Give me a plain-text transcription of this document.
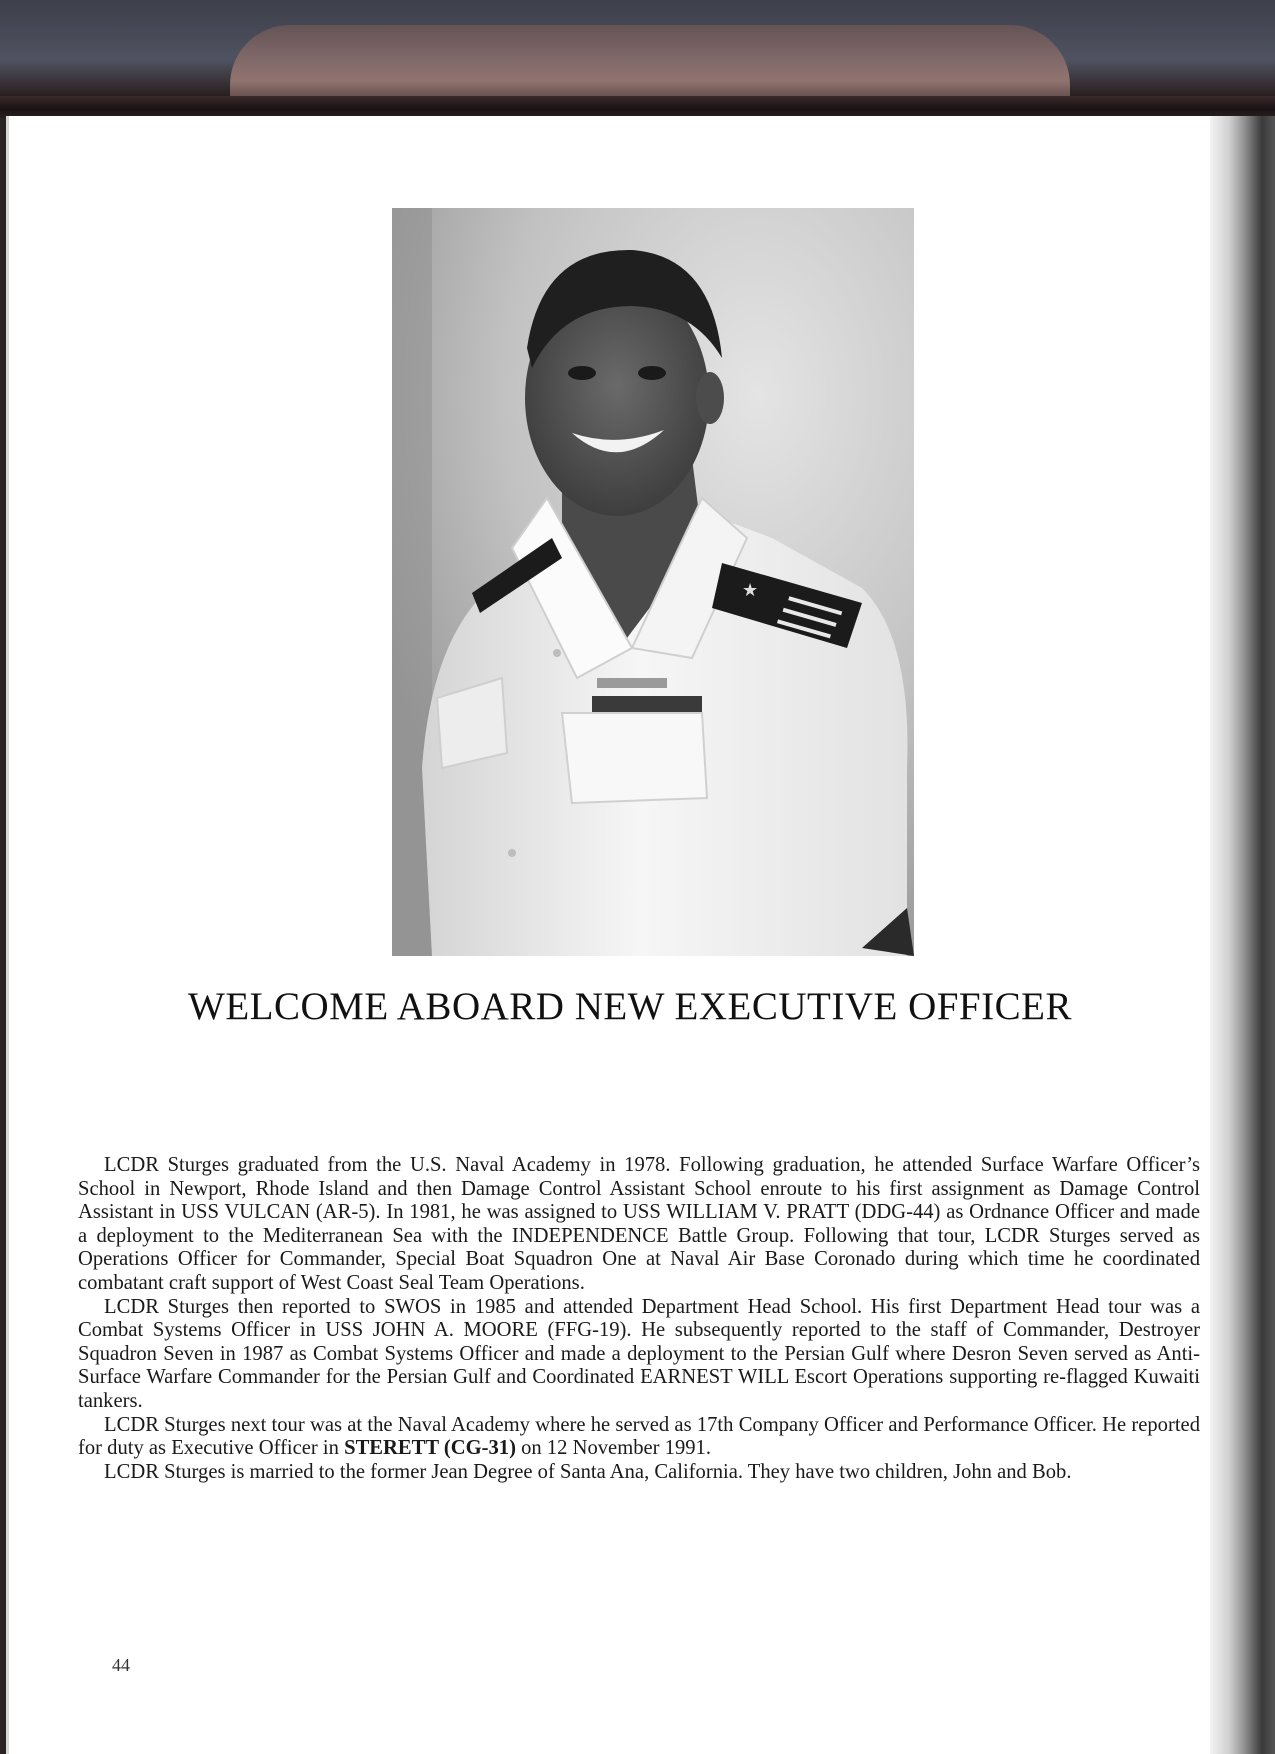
★
WELCOME ABOARD NEW EXECUTIVE OFFICER

LCDR Sturges graduated from the U.S. Naval Academy in 1978. Following graduation, he attended Surface Warfare Officer’s School in Newport, Rhode Island and then Damage Control Assistant School enroute to his first assignment as Damage Control Assistant in USS VULCAN (AR-5). In 1981, he was assigned to USS WILLIAM V. PRATT (DDG-44) as Ordnance Officer and made a deployment to the Mediterranean Sea with the INDEPENDENCE Battle Group. Following that tour, LCDR Sturges served as Operations Officer for Commander, Special Boat Squadron One at Naval Air Base Coronado during which time he coordinated combatant craft support of West Coast Seal Team Operations.

LCDR Sturges then reported to SWOS in 1985 and attended Department Head School. His first Department Head tour was a Combat Systems Officer in USS JOHN A. MOORE (FFG-19). He subsequently reported to the staff of Commander, Destroyer Squadron Seven in 1987 as Combat Systems Officer and made a deployment to the Persian Gulf where Desron Seven served as Anti-Surface Warfare Commander for the Persian Gulf and Coordinated EARNEST WILL Escort Operations supporting re-flagged Kuwaiti tankers.

LCDR Sturges next tour was at the Naval Academy where he served as 17th Company Officer and Performance Officer. He reported for duty as Executive Officer in STERETT (CG-31) on 12 November 1991.

LCDR Sturges is married to the former Jean Degree of Santa Ana, California. They have two children, John and Bob.

44
